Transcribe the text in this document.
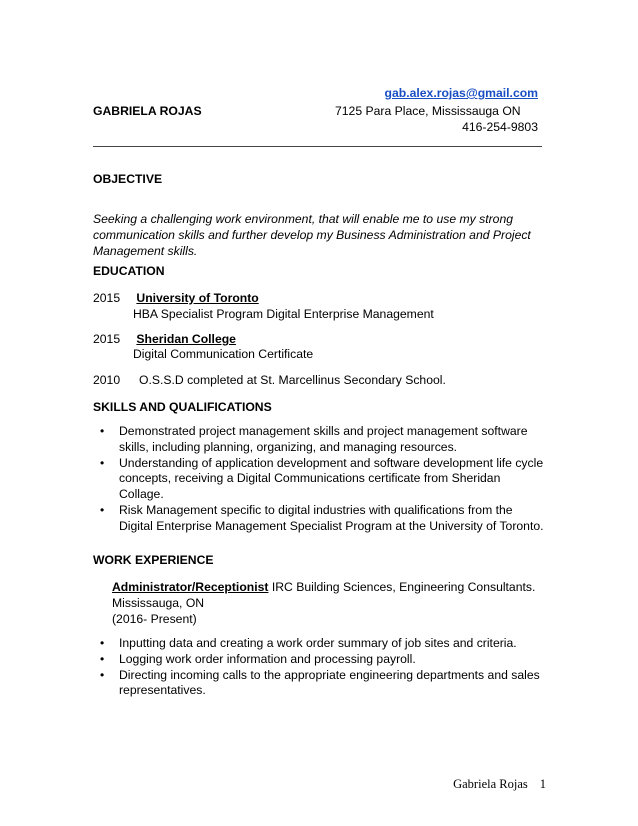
gab.alex.rojas@gmail.com
GABRIELA ROJAS	7125 Para Place, Mississauga ON
416-254-9803
OBJECTIVE
Seeking a challenging work environment, that will enable me to use my strong communication skills and further develop my Business Administration and Project Management skills.
EDUCATION
2015 University of Toronto
HBA Specialist Program Digital Enterprise Management
2015 Sheridan College
Digital Communication Certificate
2010 O.S.S.D completed at St. Marcellinus Secondary School.
SKILLS AND QUALIFICATIONS
• Demonstrated project management skills and project management software skills, including planning, organizing, and managing resources.
• Understanding of application development and software development life cycle concepts, receiving a Digital Communications certificate from Sheridan Collage.
• Risk Management specific to digital industries with qualifications from the Digital Enterprise Management Specialist Program at the University of Toronto.
WORK EXPERIENCE
Administrator/Receptionist IRC Building Sciences, Engineering Consultants. Mississauga, ON
(2016- Present)
• Inputting data and creating a work order summary of job sites and criteria.
• Logging work order information and processing payroll.
• Directing incoming calls to the appropriate engineering departments and sales representatives.
Gabriela Rojas 1
